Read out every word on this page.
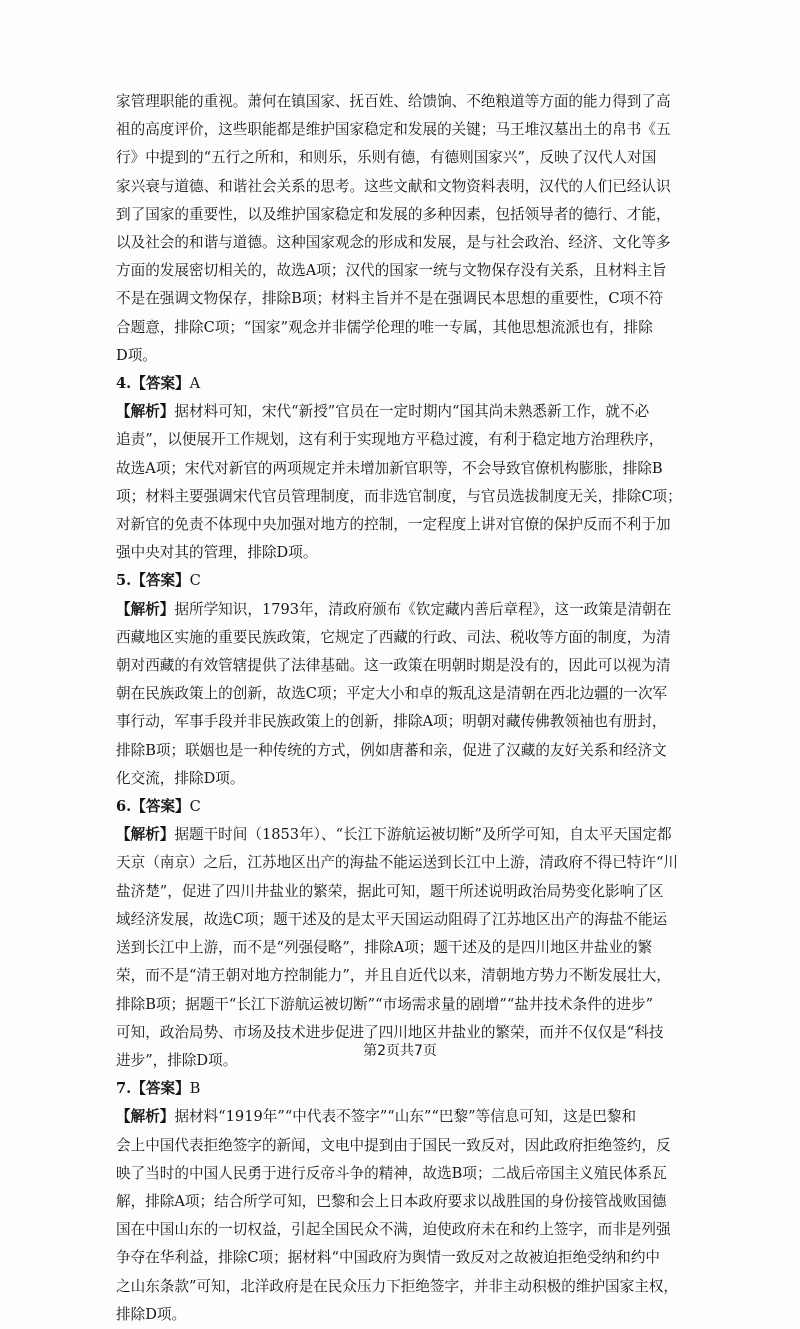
家管理职能的重视。萧何在镇国家、抚百姓、给馈饷、不绝粮道等方面的能力得到了高
祖的高度评价，这些职能都是维护国家稳定和发展的关键；马王堆汉墓出土的帛书《五
行》中提到的“五行之所和，和则乐，乐则有德，有德则国家兴”，反映了汉代人对国
家兴衰与道德、和谐社会关系的思考。这些文献和文物资料表明，汉代的人们已经认识
到了国家的重要性，以及维护国家稳定和发展的多种因素，包括领导者的德行、才能，
以及社会的和谐与道德。这种国家观念的形成和发展，是与社会政治、经济、文化等多
方面的发展密切相关的，故选A项；汉代的国家一统与文物保存没有关系，且材料主旨
不是在强调文物保存，排除B项；材料主旨并不是在强调民本思想的重要性，C项不符
合题意，排除C项；“国家”观念并非儒学伦理的唯一专属，其他思想流派也有，排除
D项。
4.【答案】A
【解析】据材料可知，宋代“新授”官员在一定时期内“国其尚未熟悉新工作，就不必
追责”，以便展开工作规划，这有利于实现地方平稳过渡，有利于稳定地方治理秩序，
故选A项；宋代对新官的两项规定并未增加新官职等，不会导致官僚机构膨胀，排除B
项；材料主要强调宋代官员管理制度，而非选官制度，与官员选拔制度无关，排除C项；
对新官的免责不体现中央加强对地方的控制，一定程度上讲对官僚的保护反而不利于加
强中央对其的管理，排除D项。
5.【答案】C
【解析】据所学知识，1793年，清政府颁布《钦定藏内善后章程》，这一政策是清朝在
西藏地区实施的重要民族政策，它规定了西藏的行政、司法、税收等方面的制度，为清
朝对西藏的有效管辖提供了法律基础。这一政策在明朝时期是没有的，因此可以视为清
朝在民族政策上的创新，故选C项；平定大小和卓的叛乱这是清朝在西北边疆的一次军
事行动，军事手段并非民族政策上的创新，排除A项；明朝对藏传佛教领袖也有册封，
排除B项；联姻也是一种传统的方式，例如唐蕃和亲，促进了汉藏的友好关系和经济文
化交流，排除D项。
6.【答案】C
【解析】据题干时间（1853年）、“长江下游航运被切断”及所学可知，自太平天国定都
天京（南京）之后，江苏地区出产的海盐不能运送到长江中上游，清政府不得已特许“川
盐济楚”，促进了四川井盐业的繁荣，据此可知，题干所述说明政治局势变化影响了区
域经济发展，故选C项；题干述及的是太平天国运动阻碍了江苏地区出产的海盐不能运
送到长江中上游，而不是“列强侵略”，排除A项；题干述及的是四川地区井盐业的繁
荣，而不是“清王朝对地方控制能力”，并且自近代以来，清朝地方势力不断发展壮大，
排除B项；据题干“长江下游航运被切断”“市场需求量的剧增”“盐井技术条件的进步”
可知，政治局势、市场及技术进步促进了四川地区井盐业的繁荣，而并不仅仅是“科技
进步”，排除D项。
7.【答案】B
【解析】据材料“1919年”“中代表不签字”“山东”“巴黎”等信息可知，这是巴黎和
会上中国代表拒绝签字的新闻，文电中提到由于国民一致反对，因此政府拒绝签约，反
映了当时的中国人民勇于进行反帝斗争的精神，故选B项；二战后帝国主义殖民体系瓦
解，排除A项；结合所学可知，巴黎和会上日本政府要求以战胜国的身份接管战败国德
国在中国山东的一切权益，引起全国民众不满，迫使政府未在和约上签字，而非是列强
争夺在华利益，排除C项；据材料“中国政府为舆情一致反对之故被迫拒绝受纳和约中
之山东条款”可知，北洋政府是在民众压力下拒绝签字，并非主动积极的维护国家主权，
排除D项。
第2页共7页
